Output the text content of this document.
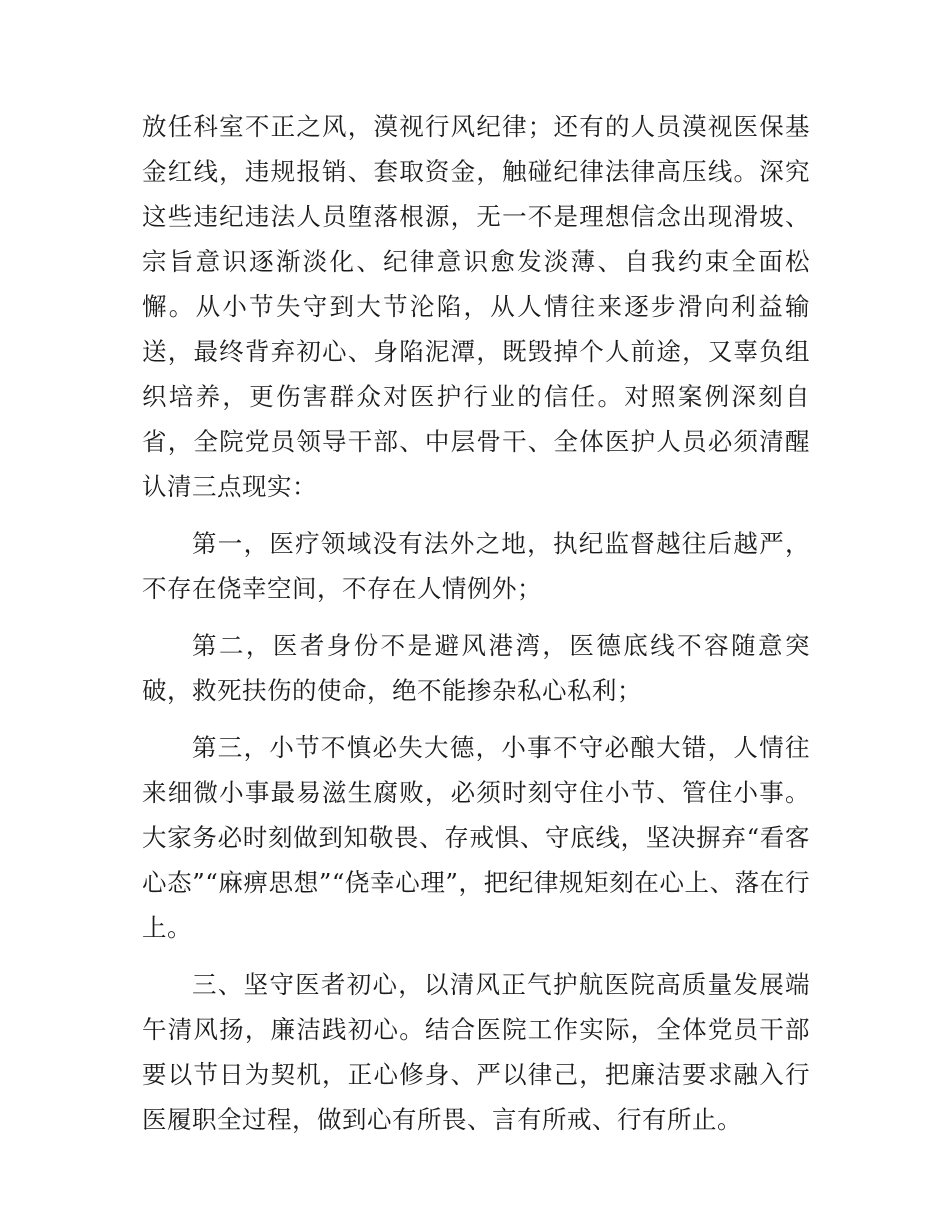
放任科室不正之风，漠视行风纪律；还有的人员漠视医保基金红线，违规报销、套取资金，触碰纪律法律高压线。深究这些违纪违法人员堕落根源，无一不是理想信念出现滑坡、宗旨意识逐渐淡化、纪律意识愈发淡薄、自我约束全面松懈。从小节失守到大节沦陷，从人情往来逐步滑向利益输送，最终背弃初心、身陷泥潭，既毁掉个人前途，又辜负组织培养，更伤害群众对医护行业的信任。对照案例深刻自省，全院党员领导干部、中层骨干、全体医护人员必须清醒认清三点现实：

第一，医疗领域没有法外之地，执纪监督越往后越严，不存在侥幸空间，不存在人情例外；

第二，医者身份不是避风港湾，医德底线不容随意突破，救死扶伤的使命，绝不能掺杂私心私利；

第三，小节不慎必失大德，小事不守必酿大错，人情往来细微小事最易滋生腐败，必须时刻守住小节、管住小事。大家务必时刻做到知敬畏、存戒惧、守底线，坚决摒弃“看客心态”“麻痹思想”“侥幸心理”，把纪律规矩刻在心上、落在行上。

三、坚守医者初心，以清风正气护航医院高质量发展端午清风扬，廉洁践初心。结合医院工作实际，全体党员干部要以节日为契机，正心修身、严以律己，把廉洁要求融入行医履职全过程，做到心有所畏、言有所戒、行有所止。
